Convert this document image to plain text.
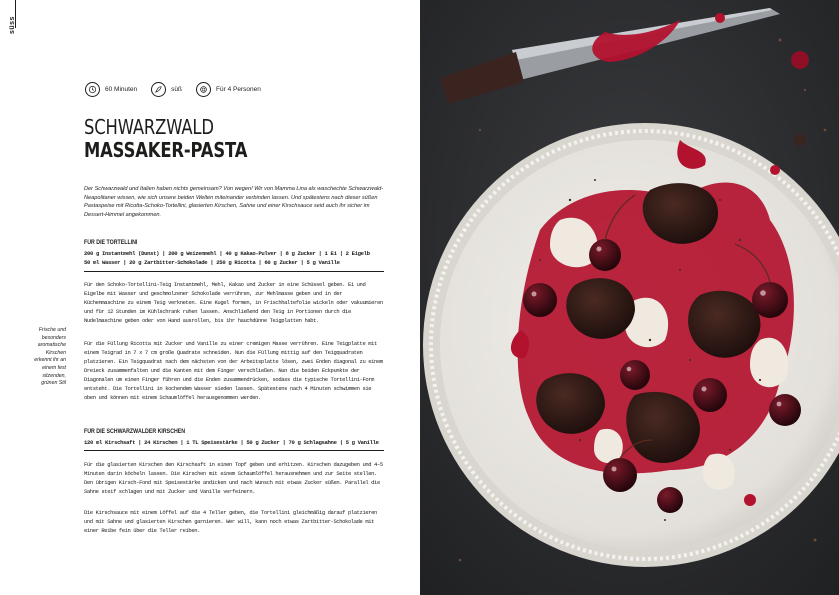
süss
60 Minuten	süß	Für 4 Personen
SCHWARZWALD
MASSAKER-PASTA

Der Schwarzwald und Italien haben nichts gemeinsam? Von wegen! Wir von Mamma Lina als waschechte Schwarzwald-Neapolitaner wissen, wie sich unsere beiden Welten miteinander verbinden lassen. Und spätestens nach dieser süßen Pastaspeise mit Ricotta-Schoko-Tortellini, glasierten Kirschen, Sahne und einer Kirschsauce seid auch ihr sicher im Dessert-Himmel angekommen.

FÜR DIE TORTELLINI
200 g Instantmehl (Dunst) | 200 g Weizenmehl | 40 g Kakao-Pulver | 8 g Zucker | 1 Ei | 2 Eigelb
50 ml Wasser | 20 g Zartbitter-Schokolade | 250 g Ricotta | 60 g Zucker | 5 g Vanille

Für den Schoko-Tortellini-Teig Instantmehl, Mehl, Kakao und Zucker in eine Schüssel geben. Ei und Eigelbe mit Wasser und geschmolzener Schokolade verrühren, zur Mehlmasse geben und in der Küchenmaschine zu einem Teig verkneten. Eine Kugel formen, in Frischhaltefolie wickeln oder vakuumieren und für 12 Stunden im Kühlschrank ruhen lassen. Anschließend den Teig in Portionen durch die Nudelmaschine geben oder von Hand ausrollen, bis ihr hauchdünne Teigplatten habt.

Für die Füllung Ricotta mit Zucker und Vanille zu einer cremigen Masse verrühren. Eine Teigplatte mit einem Teigrad in 7 x 7 cm große Quadrate schneiden. Nun die Füllung mittig auf den Teigquadraten platzieren. Ein Teigquadrat nach dem nächsten von der Arbeitsplatte lösen, zwei Enden diagonal zu einem Dreieck zusammenfalten und die Kanten mit dem Finger verschließen. Nun die beiden Eckpunkte der Diagonalen um einen Finger führen und die Enden zusammendrücken, sodass die typische Tortellini-Form entsteht. Die Tortellini in kochendem Wasser sieden lassen. Spätestens nach 4 Minuten schwimmen sie oben und können mit einem Schaumlöffel herausgenommen werden.

FÜR DIE SCHWARZWÄLDER KIRSCHEN
120 ml Kirschsaft | 24 Kirschen | 1 TL Speisestärke | 50 g Zucker | 70 g Schlagsahne | 5 g Vanille

Für die glasierten Kirschen den Kirschsaft in einen Topf geben und erhitzen. Kirschen dazugeben und 4–5 Minuten darin köcheln lassen. Die Kirschen mit einem Schaumlöffel herausnehmen und zur Seite stellen. Den übrigen Kirsch-Fond mit Speisestärke andicken und nach Wunsch mit etwas Zucker süßen. Parallel die Sahne steif schlagen und mit Zucker und Vanille verfeinern.

Die Kirschsauce mit einem Löffel auf die 4 Teller geben, die Tortellini gleichmäßig darauf platzieren und mit Sahne und glasierten Kirschen garnieren. Wer will, kann noch etwas Zartbitter-Schokolade mit einer Reibe fein über die Teller reiben.

Frische und besonders aromatische Kirschen erkennt ihr an einem fest sitzenden, grünen Stil
